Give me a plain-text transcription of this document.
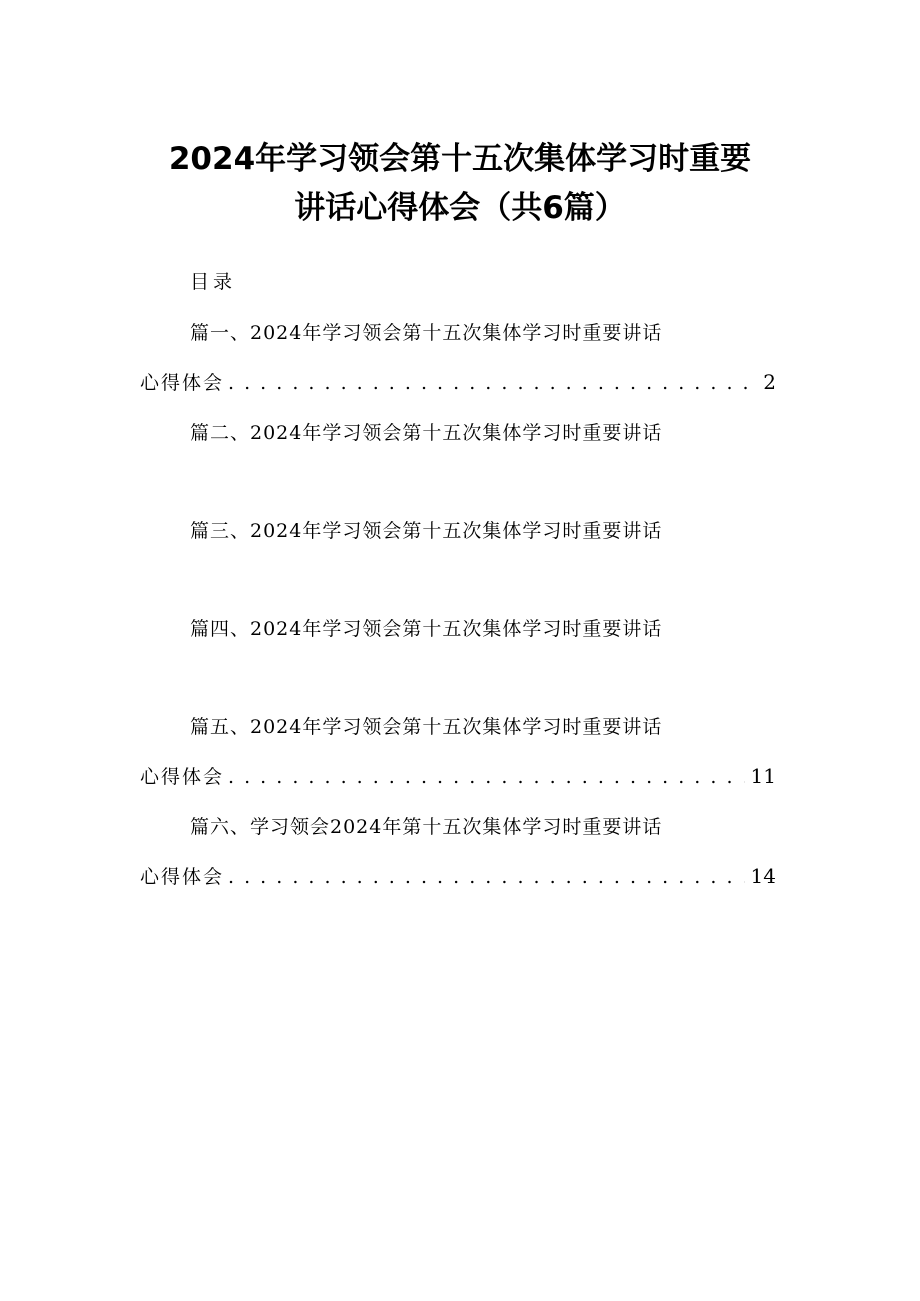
2024年学习领会第十五次集体学习时重要
讲话心得体会（共6篇）
目录
篇一、2024年学习领会第十五次集体学习时重要讲话
心得体会 . . .	2
篇二、2024年学习领会第十五次集体学习时重要讲话
篇三、2024年学习领会第十五次集体学习时重要讲话
篇四、2024年学习领会第十五次集体学习时重要讲话
篇五、2024年学习领会第十五次集体学习时重要讲话
心得体会 . . .	11
篇六、学习领会2024年第十五次集体学习时重要讲话
心得体会 . . .	14
